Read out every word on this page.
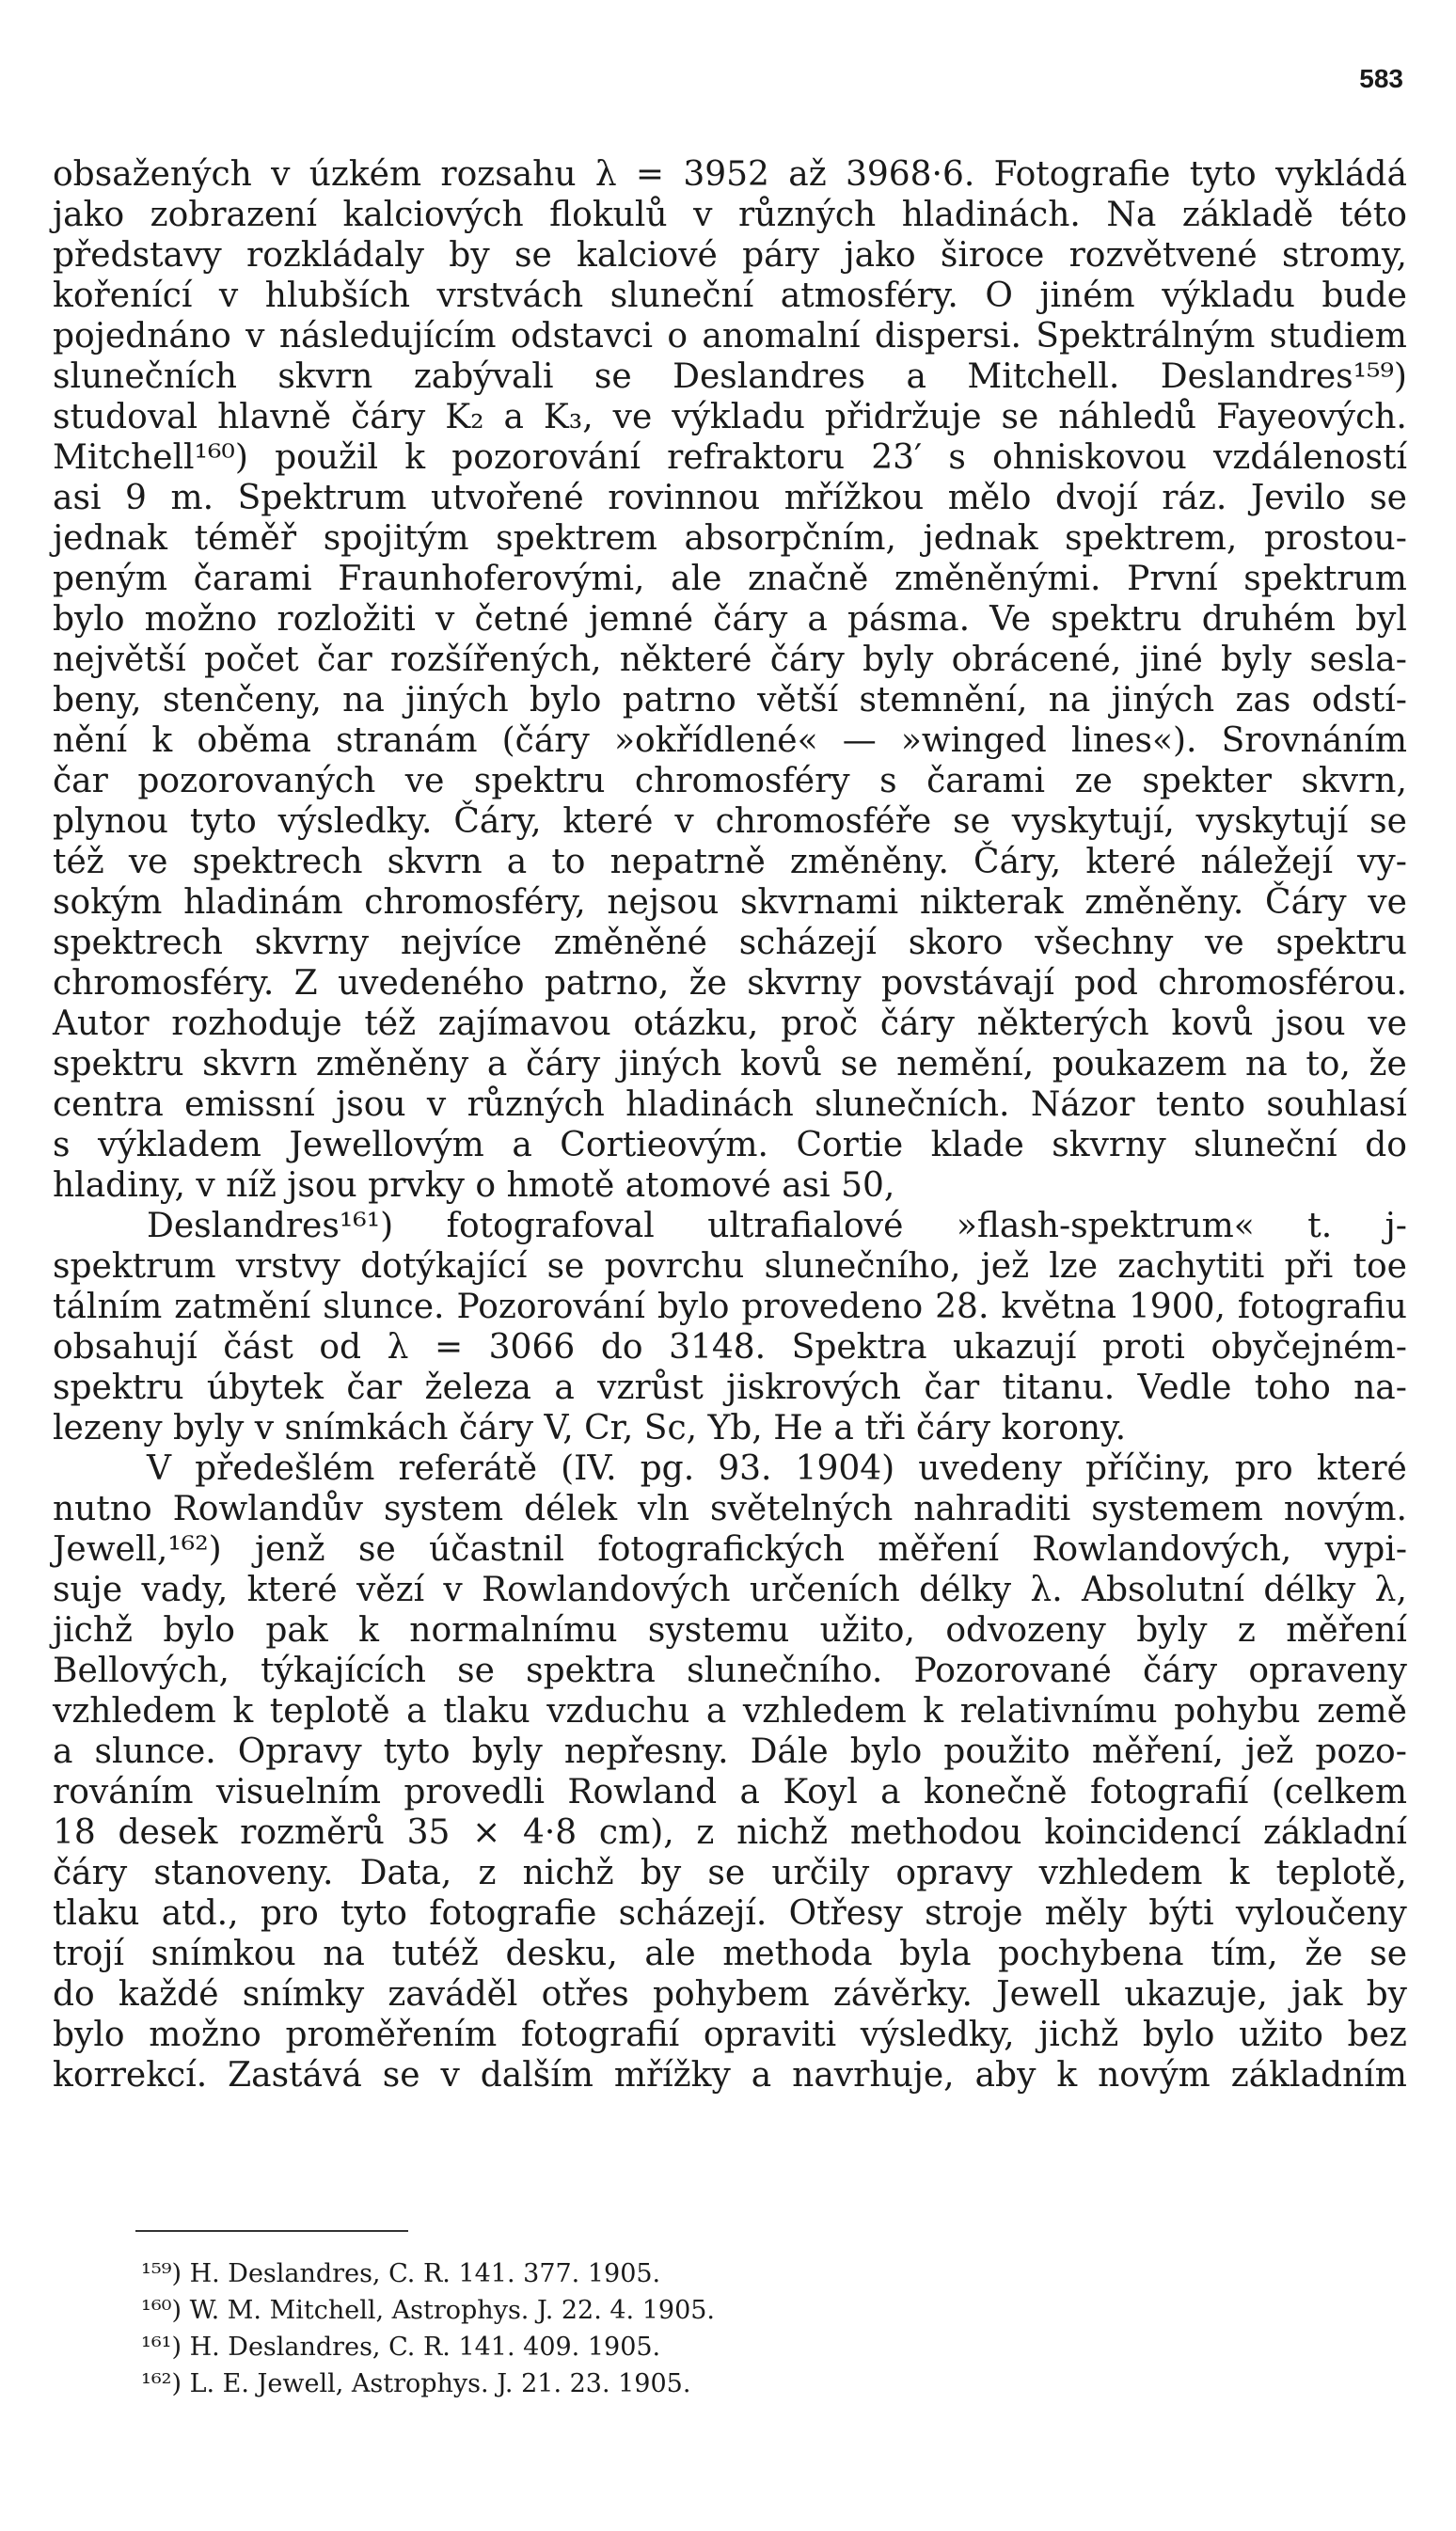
583
obsažených v úzkém rozsahu λ = 3952 až 3968·6. Fotografie tyto vykládá
jako zobrazení kalciových flokulů v různých hladinách. Na základě této
představy rozkládaly by se kalciové páry jako široce rozvětvené stromy,
kořenící v hlubších vrstvách sluneční atmosféry. O jiném výkladu bude
pojednáno v následujícím odstavci o anomalní dispersi. Spektrálným studiem
slunečních skvrn zabývali se Deslandres a Mitchell. Deslandres¹⁵⁹)
studoval hlavně čáry K₂ a K₃, ve výkladu přidržuje se náhledů Fayeových.
Mitchell¹⁶⁰) použil k pozorování refraktoru 23′ s ohniskovou vzdáleností
asi 9 m. Spektrum utvořené rovinnou mřížkou mělo dvojí ráz. Jevilo se
jednak téměř spojitým spektrem absorpčním, jednak spektrem, prostou-
peným čarami Fraunhoferovými, ale značně změněnými. První spektrum
bylo možno rozložiti v četné jemné čáry a pásma. Ve spektru druhém byl
největší počet čar rozšířených, některé čáry byly obrácené, jiné byly sesla-
beny, stenčeny, na jiných bylo patrno větší stemnění, na jiných zas odstí-
nění k oběma stranám (čáry »okřídlené« — »winged lines«). Srovnáním
čar pozorovaných ve spektru chromosféry s čarami ze spekter skvrn,
plynou tyto výsledky. Čáry, které v chromosféře se vyskytují, vyskytují se
též ve spektrech skvrn a to nepatrně změněny. Čáry, které náležejí vy-
sokým hladinám chromosféry, nejsou skvrnami nikterak změněny. Čáry ve
spektrech skvrny nejvíce změněné scházejí skoro všechny ve spektru
chromosféry. Z uvedeného patrno, že skvrny povstávají pod chromosférou.
Autor rozhoduje též zajímavou otázku, proč čáry některých kovů jsou ve
spektru skvrn změněny a čáry jiných kovů se nemění, poukazem na to, že
centra emissní jsou v různých hladinách slunečních. Názor tento souhlasí
s výkladem Jewellovým a Cortieovým. Cortie klade skvrny sluneční do
hladiny, v níž jsou prvky o hmotě atomové asi 50,
Deslandres¹⁶¹) fotografoval ultrafialové »flash-spektrum« t. j-
spektrum vrstvy dotýkající se povrchu slunečního, jež lze zachytiti při toe
tálním zatmění slunce. Pozorování bylo provedeno 28. května 1900, fotografiu
obsahují část od λ = 3066 do 3148. Spektra ukazují proti obyčejném-
spektru úbytek čar železa a vzrůst jiskrových čar titanu. Vedle toho na-
lezeny byly v snímkách čáry V, Cr, Sc, Yb, He a tři čáry korony.
V předešlém referátě (IV. pg. 93. 1904) uvedeny příčiny, pro které
nutno Rowlandův system délek vln světelných nahraditi systemem novým.
Jewell,¹⁶²) jenž se účastnil fotografických měření Rowlandových, vypi-
suje vady, které vězí v Rowlandových určeních délky λ. Absolutní délky λ,
jichž bylo pak k normalnímu systemu užito, odvozeny byly z měření
Bellových, týkajících se spektra slunečního. Pozorované čáry opraveny
vzhledem k teplotě a tlaku vzduchu a vzhledem k relativnímu pohybu země
a slunce. Opravy tyto byly nepřesny. Dále bylo použito měření, jež pozo-
rováním visuelním provedli Rowland a Koyl a konečně fotografií (celkem
18 desek rozměrů 35 × 4·8 cm), z nichž methodou koincidencí základní
čáry stanoveny. Data, z nichž by se určily opravy vzhledem k teplotě,
tlaku atd., pro tyto fotografie scházejí. Otřesy stroje měly býti vyloučeny
trojí snímkou na tutéž desku, ale methoda byla pochybena tím, že se
do každé snímky zaváděl otřes pohybem závěrky. Jewell ukazuje, jak by
bylo možno proměřením fotografií opraviti výsledky, jichž bylo užito bez
korrekcí. Zastává se v dalším mřížky a navrhuje, aby k novým základním
¹⁵⁹) H. Deslandres, C. R. 141. 377. 1905.
¹⁶⁰) W. M. Mitchell, Astrophys. J. 22. 4. 1905.
¹⁶¹) H. Deslandres, C. R. 141. 409. 1905.
¹⁶²) L. E. Jewell, Astrophys. J. 21. 23. 1905.
